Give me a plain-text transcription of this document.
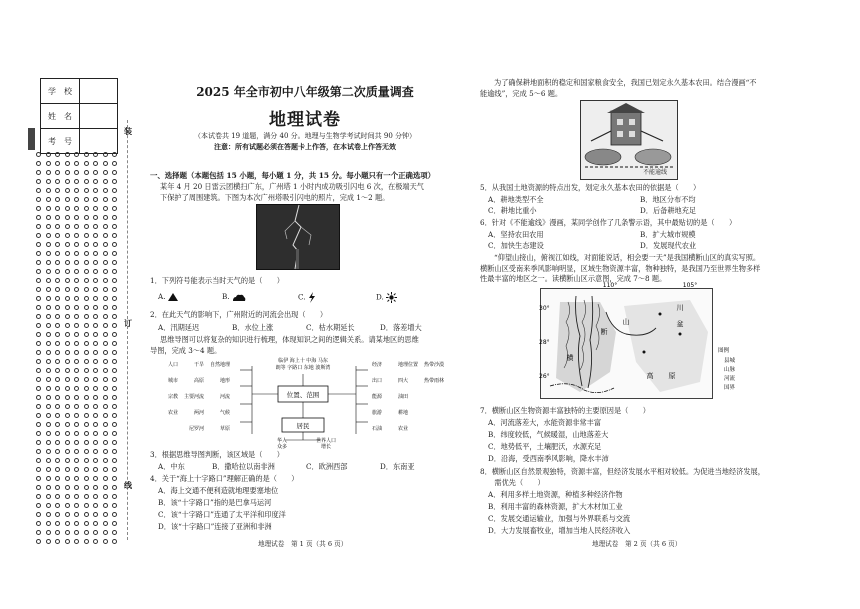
学　校	
姓　名	
考　号	
装
订
线
2025 年全市初中八年级第二次质量调查
地理试卷
（本试卷共 19 道题，满分 40 分。地理与生物学考试时间共 90 分钟）
注意：所有试题必须在答题卡上作答，在本试卷上作答无效
一、选择题（本题包括 15 小题，每小题 1 分，共 15 分。每小题只有一个正确选项）
某年 4 月 20 日雷云团横扫广东，广州塔 1 小时内成功吸引闪电 6 次，在极端天气
下保护了周围建筑。下图为本次广州塔吸引闪电的照片，完成 1～2 题。
1．下列符号能表示当时天气的是（　　）
A.	B.	C.	D.
2．在此天气的影响下，广州附近的河流会出现（　　）
A．汛期延迟	B．水位上涨	C．枯水期延长	D．落差增大
思维导图可以将复杂的知识进行梳理，体现知识之间的逻辑关系。请某地区的思维
导图，完成 3～4 题。
位置、范围
居民
临伊 海上十 中海 马东
朗等 字路口 东地 波斯湾
自然地理
地形
河流
气候
草原
干旱
高原
主要河流
两河
尼罗河
人口
城市
宗教
农业
经济
出口
能源
旅游
石油
地理位置
四大
油田
耕地
农业
热带沙漠
热带雨林
华人	世界人口
众多	增长
3．根据思维导图判断，该区域是（　　）
A．中东	B．撒哈拉以南非洲	C．欧洲西部	D．东南亚
4．关于“海上十字路口”理解正确的是（　　）
A．海上交通不便利造就地理要塞地位
B．该“十字路口”指的是巴拿马运河
C．该“十字路口”连通了太平洋和印度洋
D．该“十字路口”连接了亚洲和非洲
地理试卷　第 1 页（共 6 页）
为了确保耕地面积的稳定和国家粮食安全，我国已划定永久基本农田。结合漫画“不
能逾线”，完成 5～6 题。
不能逾线
5．从我国土地资源的特点出发，划定永久基本农田的依据是（　　）
A．耕地类型不全	B．地区分布不均
C．耕地比重小	D．后备耕地充足
6．针对《不能逾线》漫画，某同学创作了几条警示语，其中最贴切的是（　　）
A．坚持农田农用	B．扩大城市规模
C．加快生态建设	D．发展现代农业
“仰望山接山，俯视江如线，对面能说话，相会要一天”是我国横断山区的真实写照。
横断山区受南来季风影响明显，区域生物资源丰富，物种独特，是我国乃至世界生物多样
性最丰富的地区之一。读横断山区示意图，完成 7～8 题。
110°	105°
30°
28°
26°
横
断
山
川
盆
高 原
图例
县城
山脉
河流
国界
7．横断山区生物资源丰富独特的主要原因是（　　）
A．河流落差大，水能资源非常丰富
B．纬度较低，气候暖湿，山地落差大
C．地势低平，土壤肥沃，水源充足
D．沿海，受西南季风影响，降水丰沛
8．横断山区自然景观独特，资源丰富，但经济发展水平相对较低。为促进当地经济发展，
　　需优先（　　）
A．利用多样土地资源，种植多种经济作物
B．利用丰富的森林资源，扩大木材加工业
C．发展交通运输业，加强与外界联系与交流
D．大力发展畜牧业，增加当地人民经济收入
地理试卷　第 2 页（共 6 页）
